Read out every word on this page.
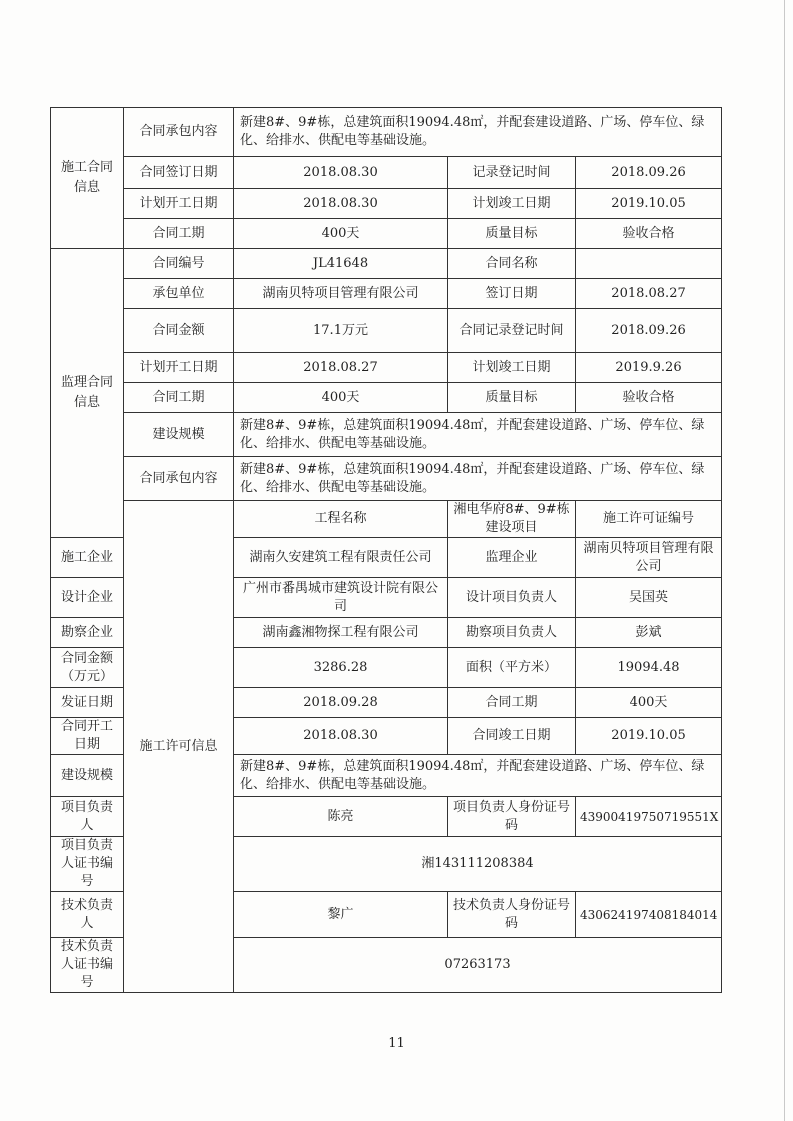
施工合同信息	合同承包内容	新建8#、9#栋，总建筑面积19094.48㎡，并配套建设道路、广场、停车位、绿化、给排水、供配电等基础设施。			
	合同签订日期	2018.08.30	记录登记时间	2018.09.26	
	计划开工日期	2018.08.30	计划竣工日期	2019.10.05	
	合同工期	400天	质量目标	验收合格	
监理合同信息	合同编号	JL41648	合同名称		
	承包单位	湖南贝特项目管理有限公司	签订日期	2018.08.27	
	合同金额	17.1万元	合同记录登记时间	2018.09.26	
	计划开工日期	2018.08.27	计划竣工日期	2019.9.26	
	合同工期	400天	质量目标	验收合格	
	建设规模	新建8#、9#栋，总建筑面积19094.48㎡，并配套建设道路、广场、停车位、绿化、给排水、供配电等基础设施。			
	合同承包内容	新建8#、9#栋，总建筑面积19094.48㎡，并配套建设道路、广场、停车位、绿化、给排水、供配电等基础设施。			
	施工许可信息	工程名称	湘电华府8#、9#栋建设项目	施工许可证编号	
施工企业		湖南久安建筑工程有限责任公司	监理企业	湖南贝特项目管理有限公司	
设计企业		广州市番禺城市建筑设计院有限公司	设计项目负责人	吴国英	
勘察企业		湖南鑫湘物探工程有限公司	勘察项目负责人	彭斌	
合同金额（万元）		3286.28	面积（平方米）	19094.48	
发证日期		2018.09.28	合同工期	400天	
合同开工日期		2018.08.30	合同竣工日期	2019.10.05	
建设规模		新建8#、9#栋，总建筑面积19094.48㎡，并配套建设道路、广场、停车位、绿化、给排水、供配电等基础设施。			
项目负责人		陈亮	项目负责人身份证号码	43900419750719551X	
项目负责人证书编号		湘143111208384			
技术负责人		黎广	技术负责人身份证号码	430624197408184014	
技术负责人证书编号		07263173			
11
